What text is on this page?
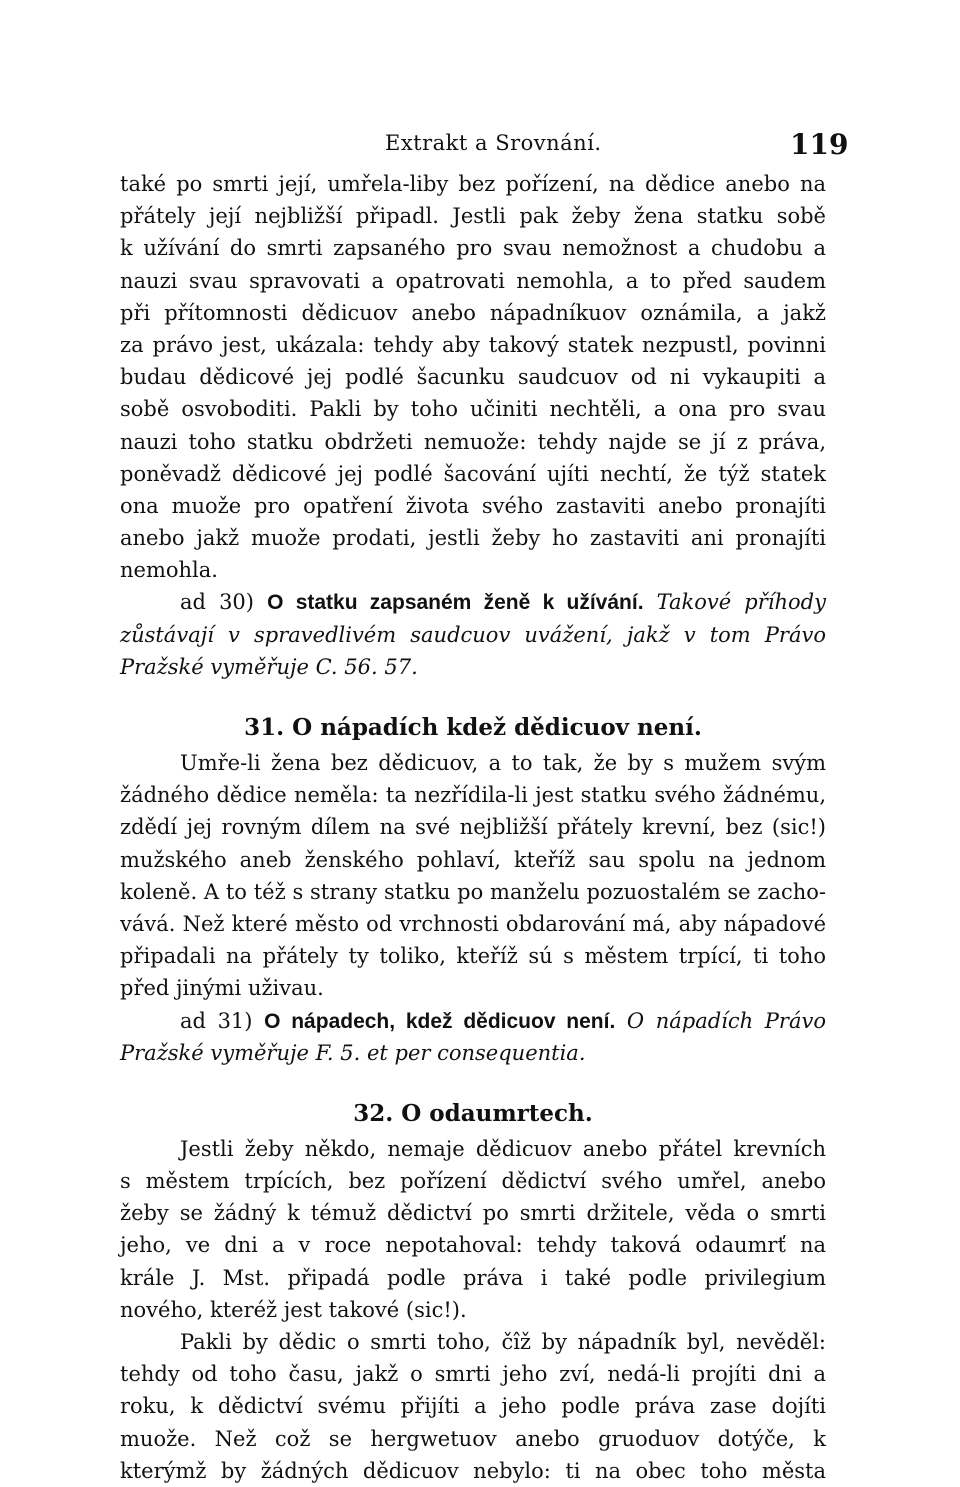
Extrakt a Srovnání.	119
také po smrti její, umřela-liby bez pořízení, na dědice anebo na
přátely její nejbližší připadl. Jestli pak žeby žena statku sobě
k užívání do smrti zapsaného pro svau nemožnost a chudobu a
nauzi svau spravovati a opatrovati nemohla, a to před saudem
při přítomnosti dědicuov anebo nápadníkuov oznámila, a jakž
za právo jest, ukázala: tehdy aby takový statek nezpustl, povinni
budau dědicové jej podlé šacunku saudcuov od ni vykaupiti a
sobě osvoboditi. Pakli by toho učiniti nechtěli, a ona pro svau
nauzi toho statku obdržeti nemuože: tehdy najde se jí z práva,
poněvadž dědicové jej podlé šacování ujíti nechtí, že týž statek
ona muože pro opatření života svého zastaviti anebo pronajíti
anebo jakž muože prodati, jestli žeby ho zastaviti ani pronajíti
nemohla.
ad 30) O statku zapsaném ženě k užívání. Takové příhody
zůstávají v spravedlivém saudcuov uvážení, jakž v tom Právo
Pražské vyměřuje C. 56. 57.
31. O nápadích kdež dědicuov není.
Umře-li žena bez dědicuov, a to tak, že by s mužem svým
žádného dědice neměla: ta nezřídila-li jest statku svého žádnému,
zdědí jej rovným dílem na své nejbližší přátely krevní, bez (sic!)
mužského aneb ženského pohlaví, kteříž sau spolu na jednom
koleně. A to též s strany statku po manželu pozuostalém se zacho-
vává. Než které město od vrchnosti obdarování má, aby nápadové
připadali na přátely ty toliko, kteříž sú s městem trpící, ti toho
před jinými uživau.
ad 31) O nápadech, kdež dědicuov není. O nápadích Právo
Pražské vyměřuje F. 5. et per consequentia.
32. O odaumrtech.
Jestli žeby někdo, nemaje dědicuov anebo přátel krevních
s městem trpících, bez pořízení dědictví svého umřel, anebo
žeby se žádný k témuž dědictví po smrti držitele, věda o smrti
jeho, ve dni a v roce nepotahoval: tehdy taková odaumrť na
krále J. Mst. připadá podle práva i také podle privilegium
nového, kteréž jest takové (sic!).
Pakli by dědic o smrti toho, čîž by nápadník byl, nevěděl:
tehdy od toho času, jakž o smrti jeho zví, nedá-li projíti dni a
roku, k dědictví svému přijíti a jeho podle práva zase dojíti
muože. Než což se hergwetuov anebo gruoduov dotýče, k
kterýmž by žádných dědicuov nebylo: ti na obec toho města
